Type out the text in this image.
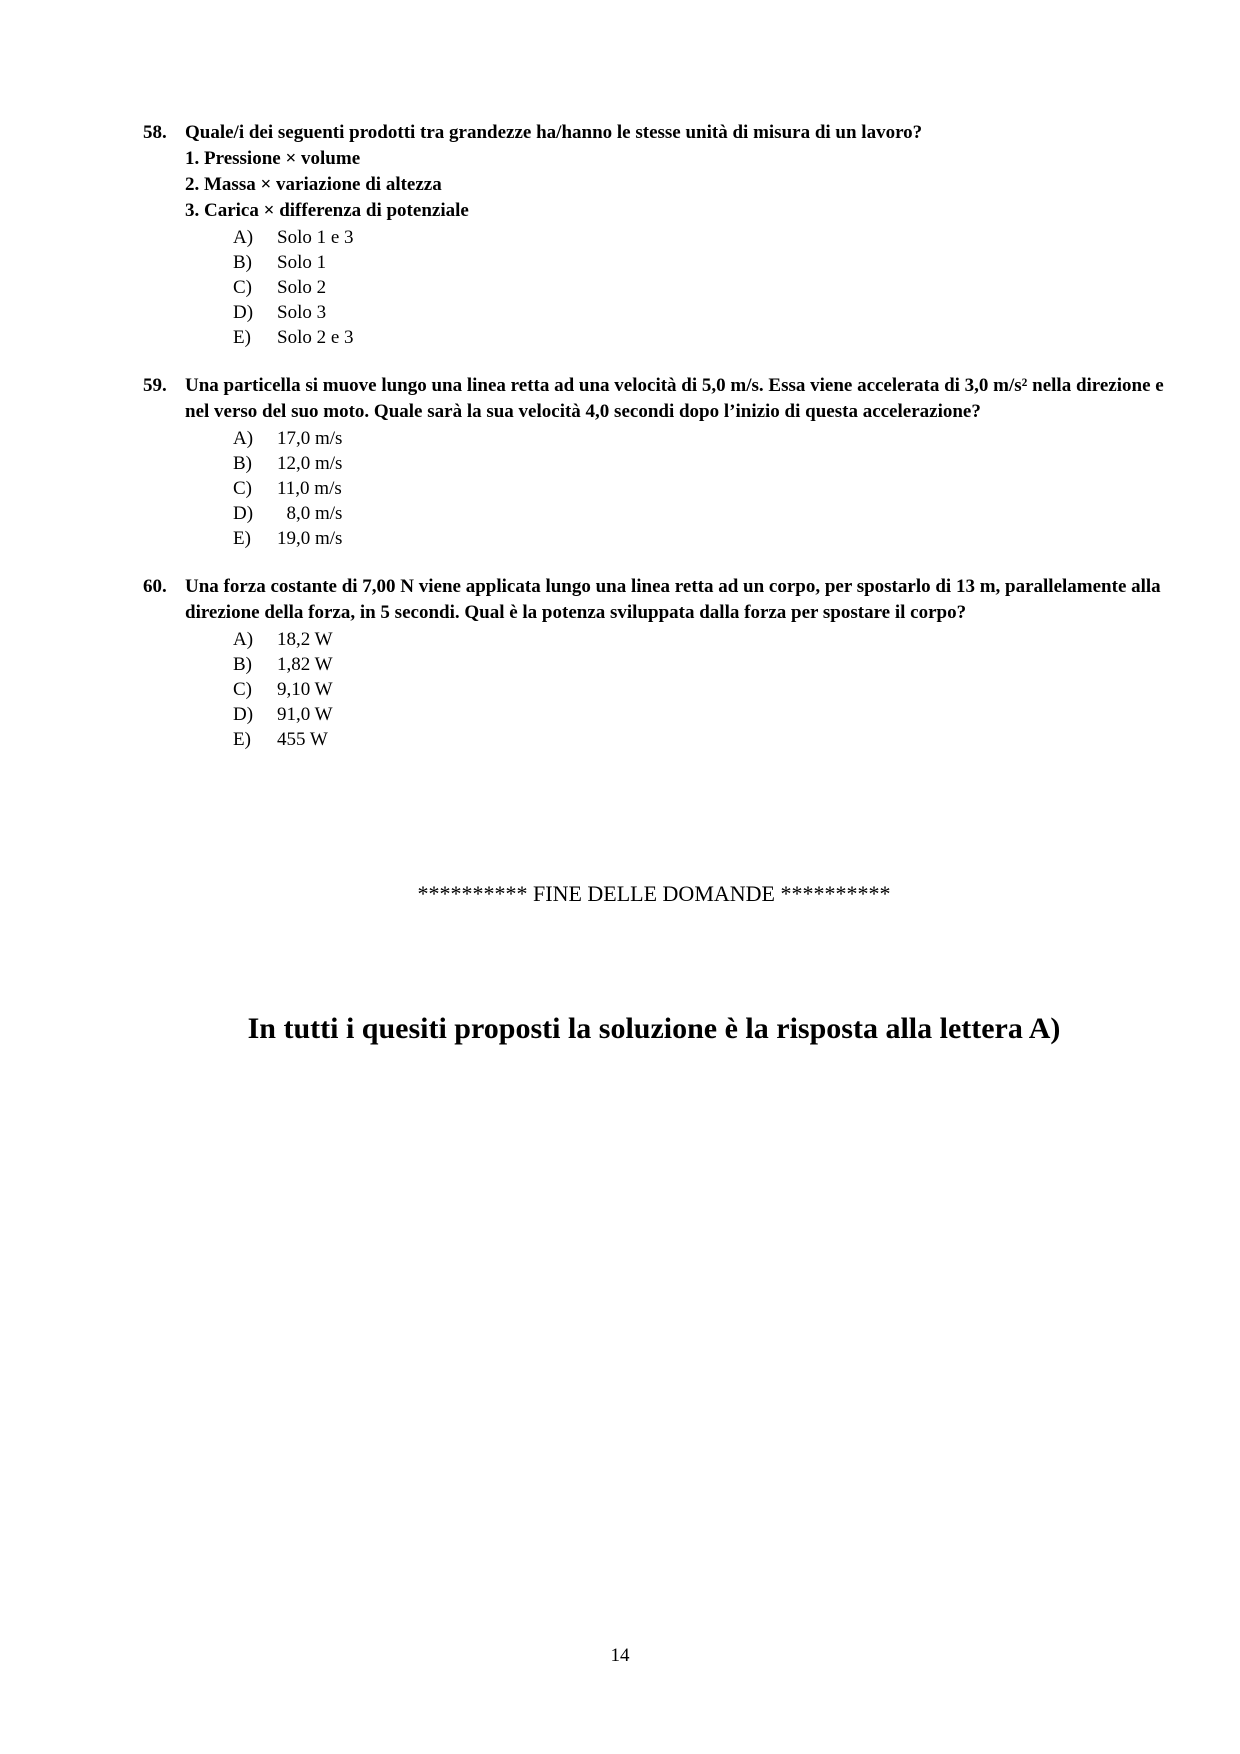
58. Quale/i dei seguenti prodotti tra grandezze ha/hanno le stesse unità di misura di un lavoro?
1. Pressione × volume
2. Massa × variazione di altezza
3. Carica × differenza di potenziale
A)	Solo 1 e 3
B)	Solo 1
C)	Solo 2
D)	Solo 3
E)	Solo 2 e 3
59. Una particella si muove lungo una linea retta ad una velocità di 5,0 m/s. Essa viene accelerata di 3,0 m/s² nella direzione e nel verso del suo moto. Quale sarà la sua velocità 4,0 secondi dopo l’inizio di questa accelerazione?
A)	17,0 m/s
B)	12,0 m/s
C)	11,0 m/s
D)	 8,0 m/s
E)	19,0 m/s
60. Una forza costante di 7,00 N viene applicata lungo una linea retta ad un corpo, per spostarlo di 13 m, parallelamente alla direzione della forza, in 5 secondi. Qual è la potenza sviluppata dalla forza per spostare il corpo?
A)	18,2 W
B)	1,82 W
C)	9,10 W
D)	91,0 W
E)	455 W
********** FINE DELLE DOMANDE **********
In tutti i quesiti proposti la soluzione è la risposta alla lettera A)
14
